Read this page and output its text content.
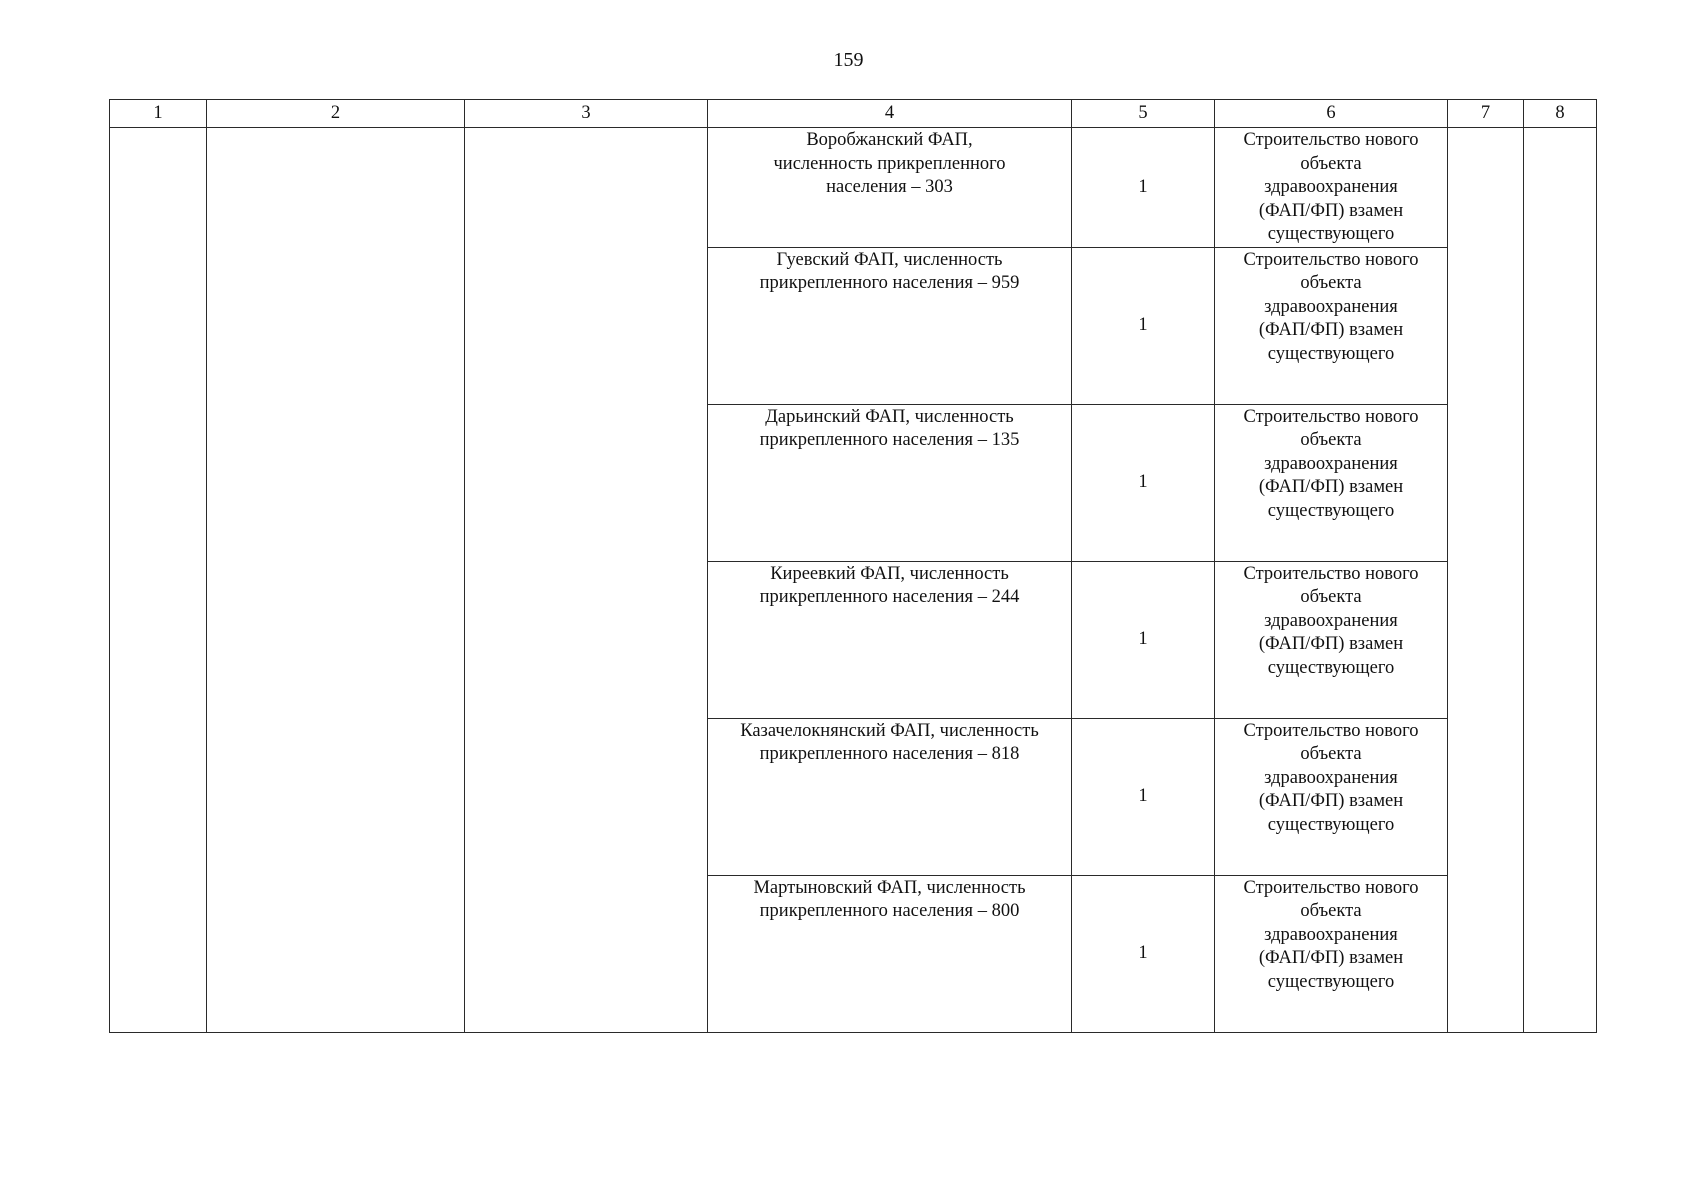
159
1	2	3	4	5	6	7	8

			Воробжанский ФАП,
численность прикрепленного
населения – 303	1	Строительство нового
объекта
здравоохранения
(ФАП/ФП) взамен
существующего		

			Гуевский ФАП, численность
прикрепленного населения – 959	1	Строительство нового
объекта
здравоохранения
(ФАП/ФП) взамен
существующего		

			Дарьинский ФАП, численность
прикрепленного населения – 135	1	Строительство нового
объекта
здравоохранения
(ФАП/ФП) взамен
существующего		

			Киреевкий ФАП, численность
прикрепленного населения – 244	1	Строительство нового
объекта
здравоохранения
(ФАП/ФП) взамен
существующего		

			Казачелокнянский ФАП, численность
прикрепленного населения – 818	1	Строительство нового
объекта
здравоохранения
(ФАП/ФП) взамен
существующего		

			Мартыновский ФАП, численность
прикрепленного населения – 800	1	Строительство нового
объекта
здравоохранения
(ФАП/ФП) взамен
существующего		
